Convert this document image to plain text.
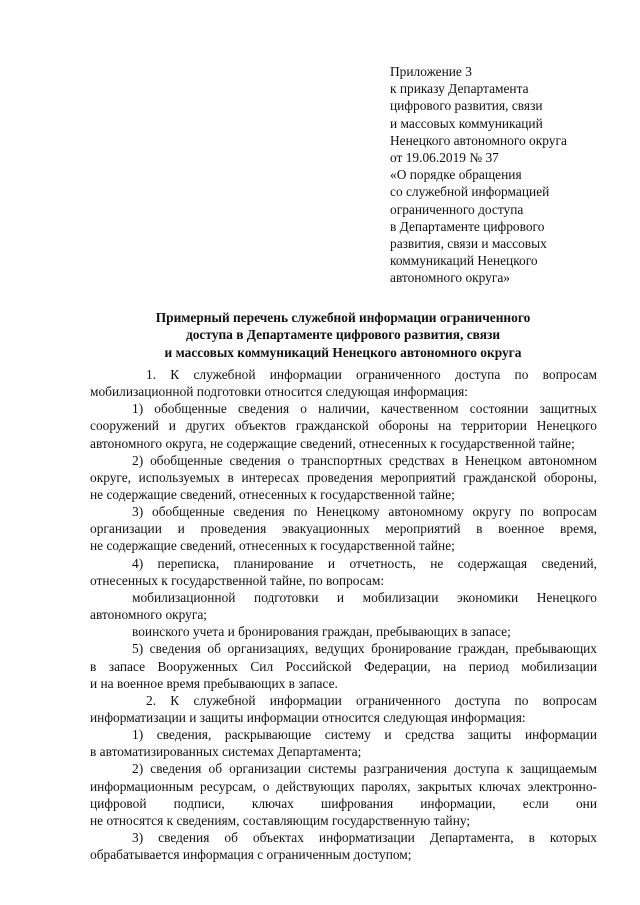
Приложение 3
к приказу Департамента
цифрового развития, связи
и массовых коммуникаций
Ненецкого автономного округа
от 19.06.2019 № 37
«О порядке обращения
со служебной информацией
ограниченного доступа
в Департаменте цифрового
развития, связи и массовых
коммуникаций Ненецкого
автономного округа»
Примерный перечень служебной информации ограниченного
доступа в Департаменте цифрового развития, связи
и массовых коммуникаций Ненецкого автономного округа
1. К служебной информации ограниченного доступа по вопросам
мобилизационной подготовки относится следующая информация:
1) обобщенные сведения о наличии, качественном состоянии защитных
сооружений и других объектов гражданской обороны на территории Ненецкого
автономного округа, не содержащие сведений, отнесенных к государственной тайне;
2) обобщенные сведения о транспортных средствах в Ненецком автономном
округе, используемых в интересах проведения мероприятий гражданской обороны,
не содержащие сведений, отнесенных к государственной тайне;
3) обобщенные сведения по Ненецкому автономному округу по вопросам
организации и проведения эвакуационных мероприятий в военное время,
не содержащие сведений, отнесенных к государственной тайне;
4) переписка, планирование и отчетность, не содержащая сведений,
отнесенных к государственной тайне, по вопросам:
мобилизационной подготовки и мобилизации экономики Ненецкого
автономного округа;
воинского учета и бронирования граждан, пребывающих в запасе;
5) сведения об организациях, ведущих бронирование граждан, пребывающих
в запасе Вооруженных Сил Российской Федерации, на период мобилизации
и на военное время пребывающих в запасе.
2. К служебной информации ограниченного доступа по вопросам
информатизации и защиты информации относится следующая информация:
1) сведения, раскрывающие систему и средства защиты информации
в автоматизированных системах Департамента;
2) сведения об организации системы разграничения доступа к защищаемым
информационным ресурсам, о действующих паролях, закрытых ключах электронно-
цифровой подписи, ключах шифрования информации, если они
не относятся к сведениям, составляющим государственную тайну;
3) сведения об объектах информатизации Департамента, в которых
обрабатывается информация с ограниченным доступом;
